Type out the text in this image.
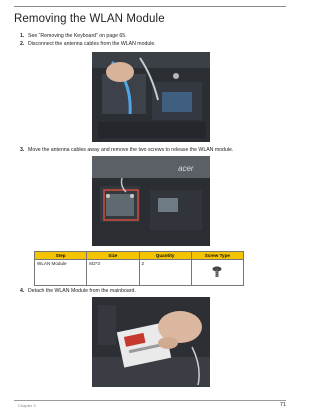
Removing the WLAN Module
1. See “Removing the Keyboard” on page 65.
2. Disconnect the antenna cables from the WLAN module.
3. Move the antenna cables away and remove the two screws to release the WLAN module.
acer
Step	Size	Quantity	Screw Type
WLAN Module	M2*3	2	
4. Detach the WLAN Module from the mainboard.
Chapter 3	71
